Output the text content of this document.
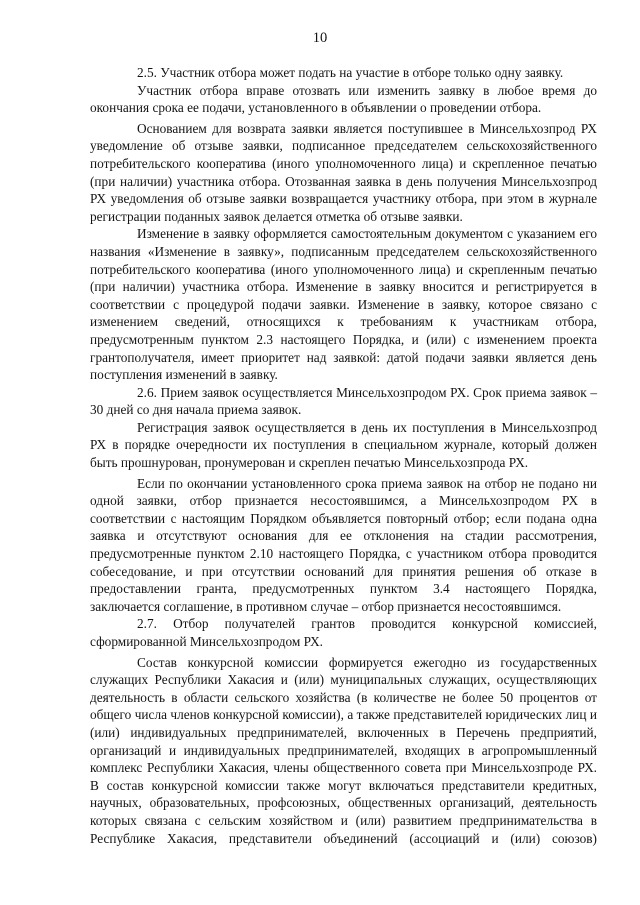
10

2.5. Участник отбора может подать на участие в отборе только одну заявку.

Участник отбора вправе отозвать или изменить заявку в любое время до окончания срока ее подачи, установленного в объявлении о проведении отбора.

Основанием для возврата заявки является поступившее в Минсельхозпрод РХ уведомление об отзыве заявки, подписанное председателем сельскохозяйственного потребительского кооператива (иного уполномоченного лица) и скрепленное печатью (при наличии) участника отбора. Отозванная заявка в день получения Минсельхозпрод РХ уведомления об отзыве заявки возвращается участнику отбора, при этом в журнале регистрации поданных заявок делается отметка об отзыве заявки.

Изменение в заявку оформляется самостоятельным документом с указанием его названия «Изменение в заявку», подписанным председателем сельскохозяйственного потребительского кооператива (иного уполномоченного лица) и скрепленным печатью (при наличии) участника отбора. Изменение в заявку вносится и регистрируется в соответствии с процедурой подачи заявки. Изменение в заявку, которое связано с изменением сведений, относящихся к требованиям к участникам отбора, предусмотренным пунктом 2.3 настоящего Порядка, и (или) с изменением проекта грантополучателя, имеет приоритет над заявкой: датой подачи заявки является день поступления изменений в заявку.

2.6. Прием заявок осуществляется Минсельхозпродом РХ. Срок приема заявок – 30 дней со дня начала приема заявок.

Регистрация заявок осуществляется в день их поступления в Минсельхозпрод РХ в порядке очередности их поступления в специальном журнале, который должен быть прошнурован, пронумерован и скреплен печатью Минсельхозпрода РХ.

Если по окончании установленного срока приема заявок на отбор не подано ни одной заявки, отбор признается несостоявшимся, а Минсельхозпродом РХ в соответствии с настоящим Порядком объявляется повторный отбор; если подана одна заявка и отсутствуют основания для ее отклонения на стадии рассмотрения, предусмотренные пунктом 2.10 настоящего Порядка, с участником отбора проводится собеседование, и при отсутствии оснований для принятия решения об отказе в предоставлении гранта, предусмотренных пунктом 3.4 настоящего Порядка, заключается соглашение, в противном случае – отбор признается несостоявшимся.

2.7. Отбор получателей грантов проводится конкурсной комиссией, сформированной Минсельхозпродом РХ.

Состав конкурсной комиссии формируется ежегодно из государственных служащих Республики Хакасия и (или) муниципальных служащих, осуществляющих деятельность в области сельского хозяйства (в количестве не более 50 процентов от общего числа членов конкурсной комиссии), а также представителей юридических лиц и (или) индивидуальных предпринимателей, включенных в Перечень предприятий, организаций и индивидуальных предпринимателей, входящих в агропромышленный комплекс Республики Хакасия, члены общественного совета при Минсельхозпроде РХ. В состав конкурсной комиссии также могут включаться представители кредитных, научных, образовательных, профсоюзных, общественных организаций, деятельность которых связана с сельским хозяйством и (или) развитием предпринимательства в Республике Хакасия, представители объединений (ассоциаций и (или) союзов)
